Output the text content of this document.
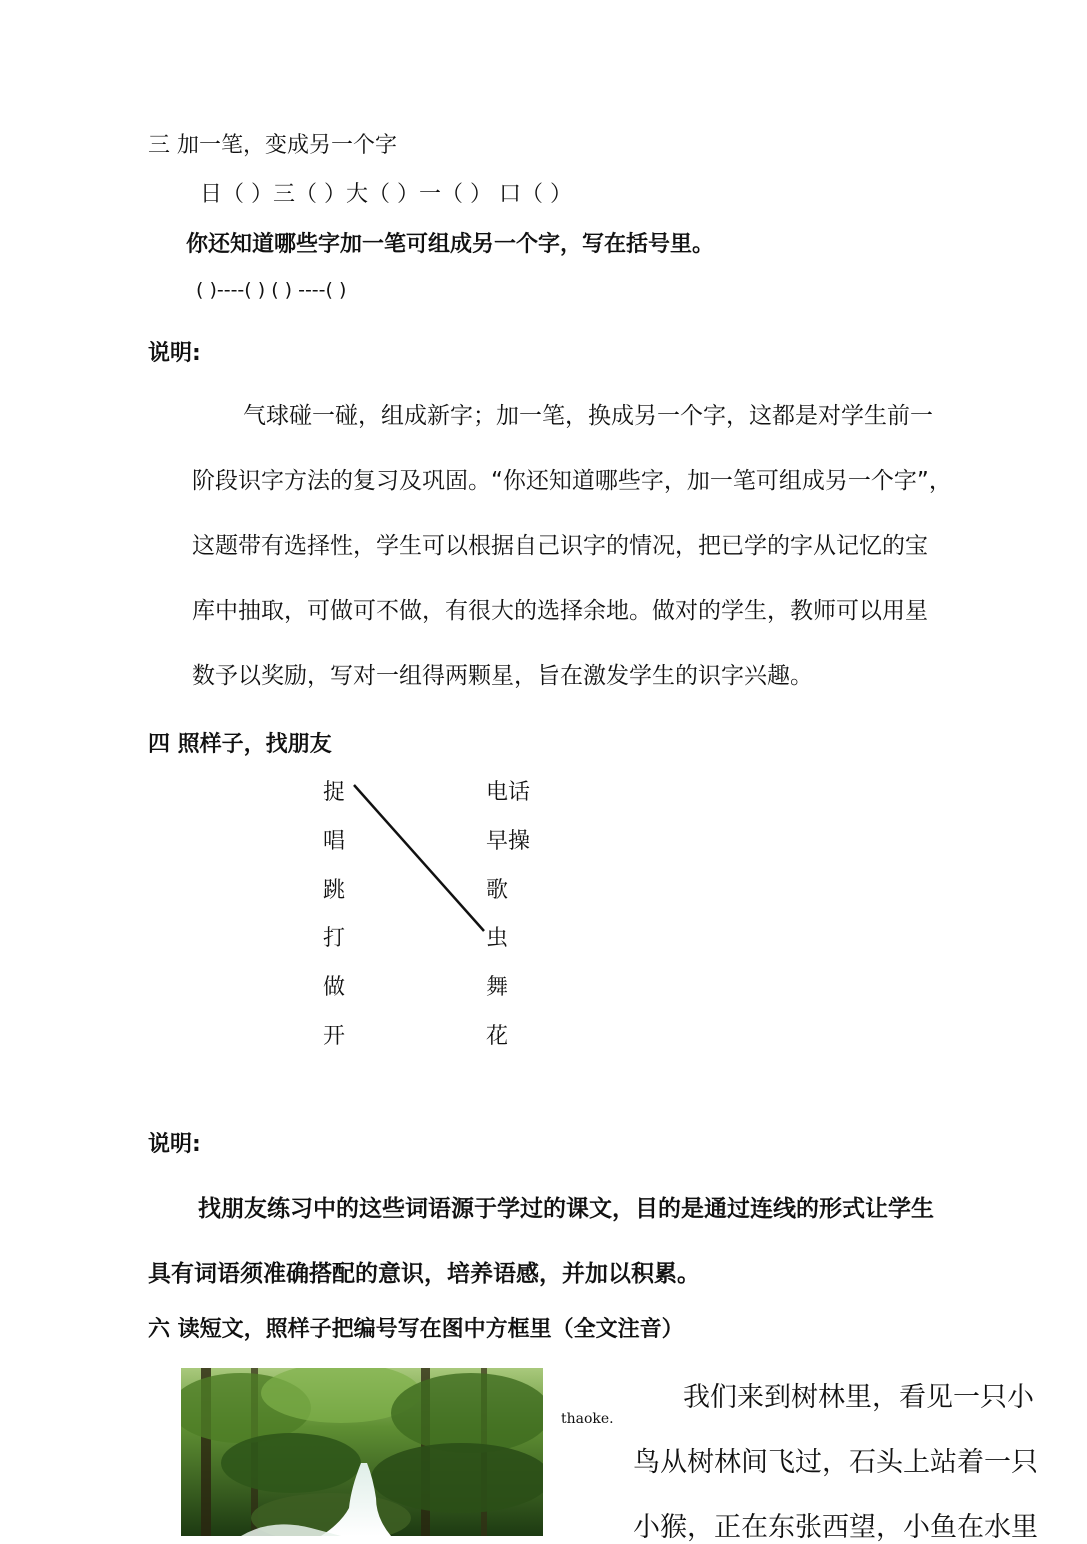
三 加一笔，变成另一个字
日（ ）三（ ）大（ ）一（ ） 口（ ）
你还知道哪些字加一笔可组成另一个字，写在括号里。
( )----( ) ( ) ----( )
说明:
气球碰一碰，组成新字；加一笔，换成另一个字，这都是对学生前一
阶段识字方法的复习及巩固。“你还知道哪些字，加一笔可组成另一个字”，
这题带有选择性，学生可以根据自己识字的情况，把已学的字从记忆的宝
库中抽取，可做可不做，有很大的选择余地。做对的学生，教师可以用星
数予以奖励，写对一组得两颗星，旨在激发学生的识字兴趣。
四 照样子，找朋友
捉
唱
跳
打
做
开
电话
早操
歌
虫
舞
花
说明:
找朋友练习中的这些词语源于学过的课文，目的是通过连线的形式让学生
具有词语须准确搭配的意识，培养语感，并加以积累。
六 读短文，照样子把编号写在图中方框里（全文注音）
thaoke.
我们来到树林里，看见一只小
鸟从树林间飞过，石头上站着一只
小猴，正在东张西望，小鱼在水里
